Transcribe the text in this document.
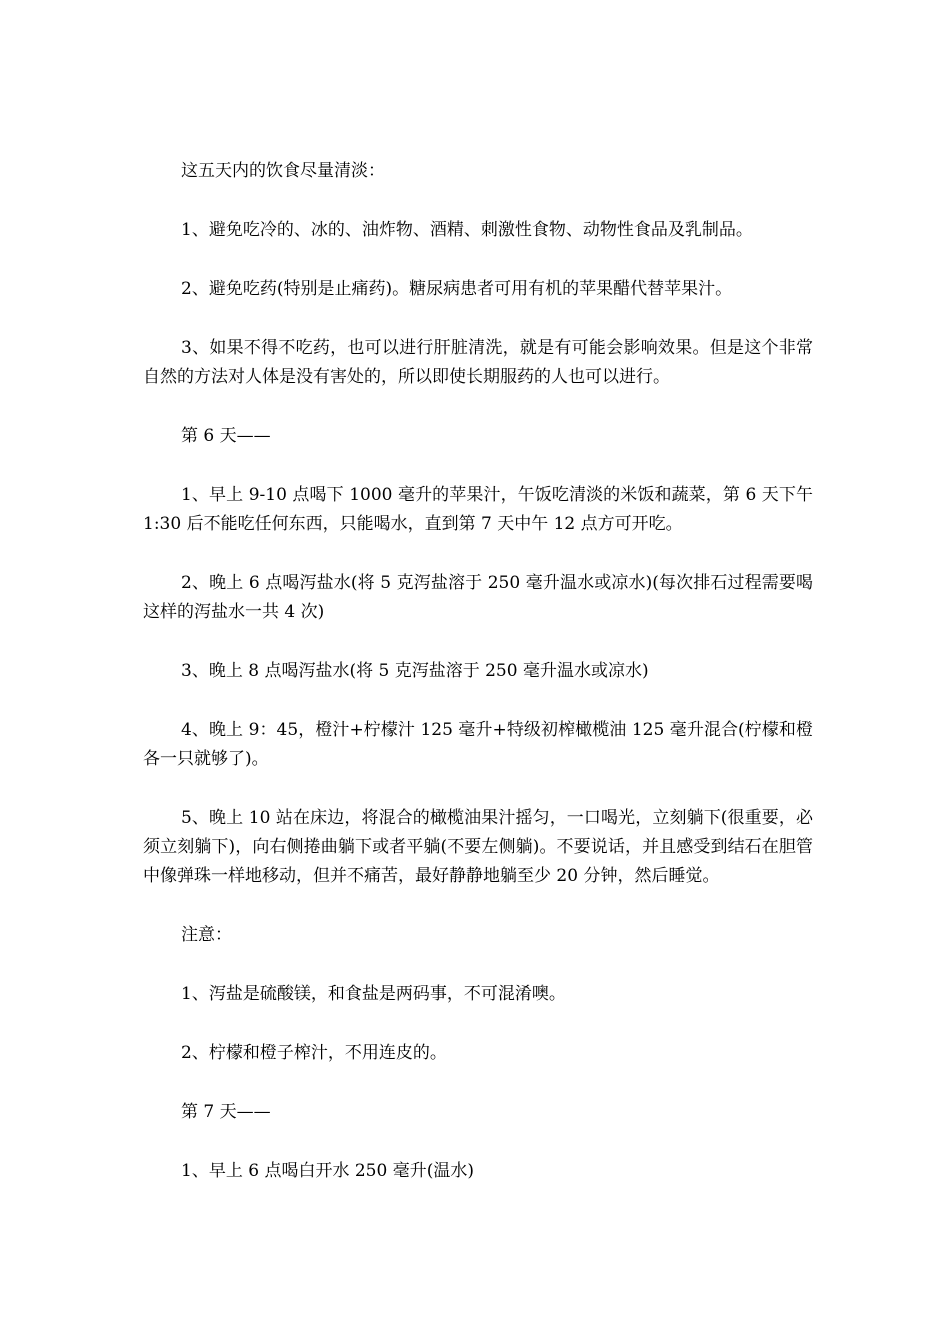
这五天内的饮食尽量清淡：

1、避免吃冷的、冰的、油炸物、酒精、刺激性食物、动物性食品及乳制品。

2、避免吃药(特别是止痛药)。糖尿病患者可用有机的苹果醋代替苹果汁。

3、如果不得不吃药，也可以进行肝脏清洗，就是有可能会影响效果。但是这个非常自然的方法对人体是没有害处的，所以即使长期服药的人也可以进行。

第 6 天——

1、早上 9-10 点喝下 1000 毫升的苹果汁，午饭吃清淡的米饭和蔬菜，第 6 天下午 1:30 后不能吃任何东西，只能喝水，直到第 7 天中午 12 点方可开吃。

2、晚上 6 点喝泻盐水(将 5 克泻盐溶于 250 毫升温水或凉水)(每次排石过程需要喝这样的泻盐水一共 4 次)

3、晚上 8 点喝泻盐水(将 5 克泻盐溶于 250 毫升温水或凉水)

4、晚上 9：45，橙汁+柠檬汁 125 毫升+特级初榨橄榄油 125 毫升混合(柠檬和橙各一只就够了)。

5、晚上 10 站在床边，将混合的橄榄油果汁摇匀，一口喝光，立刻躺下(很重要，必须立刻躺下)，向右侧捲曲躺下或者平躺(不要左侧躺)。不要说话，并且感受到结石在胆管中像弹珠一样地移动，但并不痛苦，最好静静地躺至少 20 分钟，然后睡觉。

注意：

1、泻盐是硫酸镁，和食盐是两码事，不可混淆噢。

2、柠檬和橙子榨汁，不用连皮的。

第 7 天——

1、早上 6 点喝白开水 250 毫升(温水)
